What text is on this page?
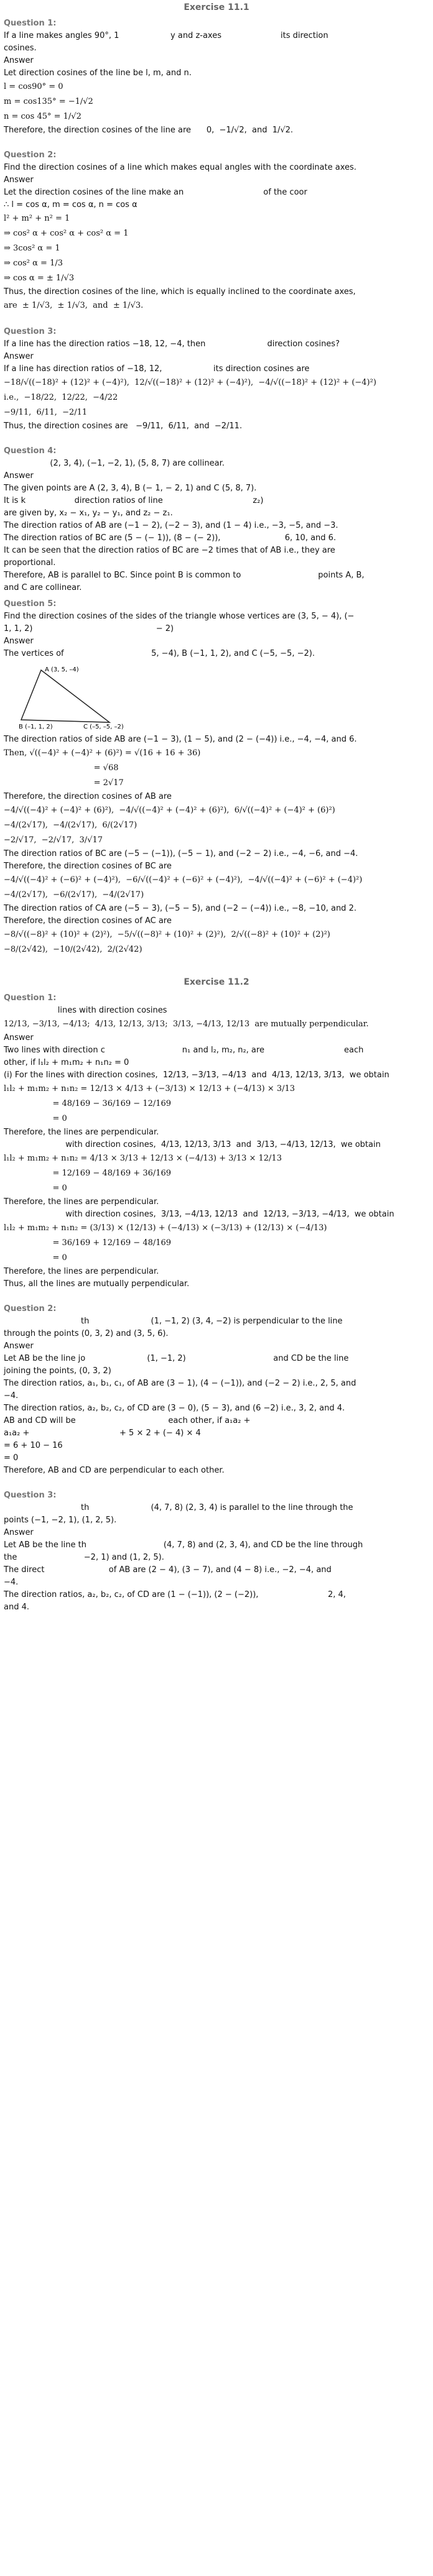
Exercise 11.1
Question 1:

If a line makes angles 90°, 1                    y and z-axes                       its direction

cosines.

Answer

Let direction cosines of the line be l, m, and n.

l = cos90° = 0

m = cos135° = −1/√2

n = cos 45° = 1/√2

Therefore, the direction cosines of the line are      0,  −1/√2,  and  1/√2.

Question 2:

Find the direction cosines of a line which makes equal angles with the coordinate axes.

Answer

Let the direction cosines of the line make an                               of the coor

∴ l = cos α, m = cos α, n = cos α

l² + m² + n² = 1

⇒ cos² α + cos² α + cos² α = 1

⇒ 3cos² α = 1

⇒ cos² α = 1/3

⇒ cos α = ± 1/√3

Thus, the direction cosines of the line, which is equally inclined to the coordinate axes,

are  ± 1/√3,  ± 1/√3,  and  ± 1/√3.

Question 3:

If a line has the direction ratios −18, 12, −4, then                        direction cosines?

Answer

If a line has direction ratios of −18, 12,                    its direction cosines are

−18/√((−18)² + (12)² + (−4)²),  12/√((−18)² + (12)² + (−4)²),  −4/√((−18)² + (12)² + (−4)²)

i.e.,  −18/22,  12/22,  −4/22

−9/11,  6/11,  −2/11

Thus, the direction cosines are   −9/11,  6/11,  and  −2/11.

Question 4:

(2, 3, 4), (−1, −2, 1), (5, 8, 7) are collinear.

Answer

The given points are A (2, 3, 4), B (− 1, − 2, 1) and C (5, 8, 7).

It is k                   direction ratios of line                                   z₂)

are given by, x₂ − x₁, y₂ − y₁, and z₂ − z₁.

The direction ratios of AB are (−1 − 2), (−2 − 3), and (1 − 4) i.e., −3, −5, and −3.

The direction ratios of BC are (5 − (− 1)), (8 − (− 2)),                         6, 10, and 6.

It can be seen that the direction ratios of BC are −2 times that of AB i.e., they are

proportional.

Therefore, AB is parallel to BC. Since point B is common to                              points A, B,

and C are collinear.

Question 5:

Find the direction cosines of the sides of the triangle whose vertices are (3, 5, − 4), (−

1, 1, 2)                                                − 2)

Answer

The vertices of                                  5, −4), B (−1, 1, 2), and C (−5, −5, −2).

A (3, 5, –4)
B (–1, 1, 2)	C (–5, –5, –2)

The direction ratios of side AB are (−1 − 3), (1 − 5), and (2 − (−4)) i.e., −4, −4, and 6.

Then, √((−4)² + (−4)² + (6)²) = √(16 + 16 + 36)

= √68

= 2√17

Therefore, the direction cosines of AB are

−4/√((−4)² + (−4)² + (6)²),  −4/√((−4)² + (−4)² + (6)²),  6/√((−4)² + (−4)² + (6)²)

−4/(2√17),  −4/(2√17),  6/(2√17)

−2/√17,  −2/√17,  3/√17

The direction ratios of BC are (−5 − (−1)), (−5 − 1), and (−2 − 2) i.e., −4, −6, and −4.

Therefore, the direction cosines of BC are

−4/√((−4)² + (−6)² + (−4)²),  −6/√((−4)² + (−6)² + (−4)²),  −4/√((−4)² + (−6)² + (−4)²)

−4/(2√17),  −6/(2√17),  −4/(2√17)

The direction ratios of CA are (−5 − 3), (−5 − 5), and (−2 − (−4)) i.e., −8, −10, and 2.

Therefore, the direction cosines of AC are

−8/√((−8)² + (10)² + (2)²),  −5/√((−8)² + (10)² + (2)²),  2/√((−8)² + (10)² + (2)²)

−8/(2√42),  −10/(2√42),  2/(2√42)

Exercise 11.2
Question 1:

lines with direction cosines

12/13, −3/13, −4/13;  4/13, 12/13, 3/13;  3/13, −4/13, 12/13  are mutually perpendicular.

Answer

Two lines with direction c                              n₁ and l₂, m₂, n₂, are                               each

other, if l₁l₂ + m₁m₂ + n₁n₂ = 0

(i) For the lines with direction cosines,  12/13, −3/13, −4/13  and  4/13, 12/13, 3/13,  we obtain

l₁l₂ + m₁m₂ + n₁n₂ = 12/13 × 4/13 + (−3/13) × 12/13 + (−4/13) × 3/13

= 48/169 − 36/169 − 12/169

= 0

Therefore, the lines are perpendicular.

with direction cosines,  4/13, 12/13, 3/13  and  3/13, −4/13, 12/13,  we obtain

l₁l₂ + m₁m₂ + n₁n₂ = 4/13 × 3/13 + 12/13 × (−4/13) + 3/13 × 12/13

= 12/169 − 48/169 + 36/169

= 0

Therefore, the lines are perpendicular.

with direction cosines,  3/13, −4/13, 12/13  and  12/13, −3/13, −4/13,  we obtain

l₁l₂ + m₁m₂ + n₁n₂ = (3/13) × (12/13) + (−4/13) × (−3/13) + (12/13) × (−4/13)

= 36/169 + 12/169 − 48/169

= 0

Therefore, the lines are perpendicular.

Thus, all the lines are mutually perpendicular.

Question 2:

th                        (1, −1, 2) (3, 4, −2) is perpendicular to the line

through the points (0, 3, 2) and (3, 5, 6).

Answer

Let AB be the line jo                        (1, −1, 2)                                  and CD be the line

joining the points, (0, 3, 2)

The direction ratios, a₁, b₁, c₁, of AB are (3 − 1), (4 − (−1)), and (−2 − 2) i.e., 2, 5, and

−4.

The direction ratios, a₂, b₂, c₂, of CD are (3 − 0), (5 − 3), and (6 −2) i.e., 3, 2, and 4.

AB and CD will be                                    each other, if a₁a₂ +

a₁a₂ +                                   + 5 × 2 + (− 4) × 4

= 6 + 10 − 16

= 0

Therefore, AB and CD are perpendicular to each other.

Question 3:

th                        (4, 7, 8) (2, 3, 4) is parallel to the line through the

points (−1, −2, 1), (1, 2, 5).

Answer

Let AB be the line th                              (4, 7, 8) and (2, 3, 4), and CD be the line through

the                          −2, 1) and (1, 2, 5).

The direct                         of AB are (2 − 4), (3 − 7), and (4 − 8) i.e., −2, −4, and

−4.

The direction ratios, a₂, b₂, c₂, of CD are (1 − (−1)), (2 − (−2)),                           2, 4,

and 4.
